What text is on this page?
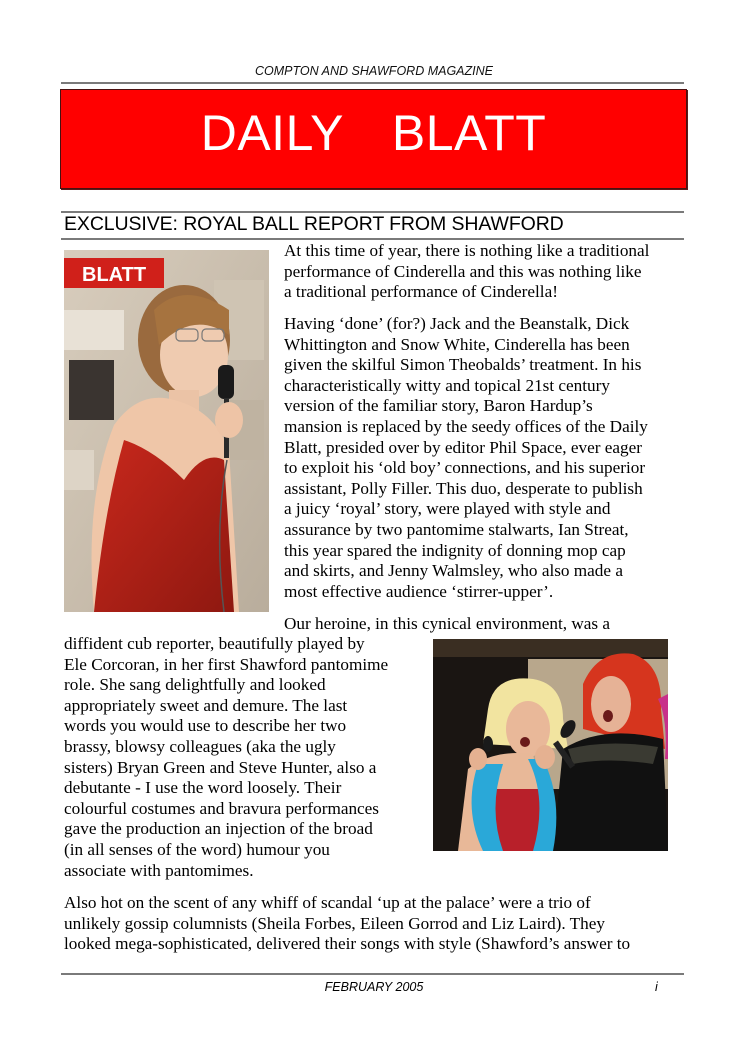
COMPTON AND SHAWFORD MAGAZINE
DAILY  BLATT
EXCLUSIVE: ROYAL BALL REPORT FROM SHAWFORD
BLATT

At this time of year, there is nothing like a traditional
performance of Cinderella and this was nothing like
a traditional performance of Cinderella!

Having ‘done’ (for?) Jack and the Beanstalk, Dick
Whittington and Snow White, Cinderella has been
given the skilful Simon Theobalds’ treatment. In his
characteristically witty and topical 21st century
version of the familiar story, Baron Hardup’s
mansion is replaced by the seedy offices of the Daily
Blatt, presided over by editor Phil Space, ever eager
to exploit his ‘old boy’ connections, and his superior
assistant, Polly Filler. This duo, desperate to publish
a juicy ‘royal’ story, were played with style and
assurance by two pantomime stalwarts, Ian Streat,
this year spared the indignity of donning mop cap
and skirts, and Jenny Walmsley, who also made a
most effective audience ‘stirrer-upper’.

Our heroine, in this cynical environment, was a

diffident cub reporter, beautifully played by
Ele Corcoran, in her first Shawford pantomime
role. She sang delightfully and looked
appropriately sweet and demure. The last
words you would use to describe her two
brassy, blowsy colleagues (aka the ugly
sisters) Bryan Green and Steve Hunter, also a
debutante - I use the word loosely. Their
colourful costumes and bravura performances
gave the production an injection of the broad
(in all senses of the word) humour you
associate with pantomimes.

Also hot on the scent of any whiff of scandal ‘up at the palace’ were a trio of
unlikely gossip columnists (Sheila Forbes, Eileen Gorrod and Liz Laird). They
looked mega-sophisticated, delivered their songs with style (Shawford’s answer to

FEBRUARY 2005	i
